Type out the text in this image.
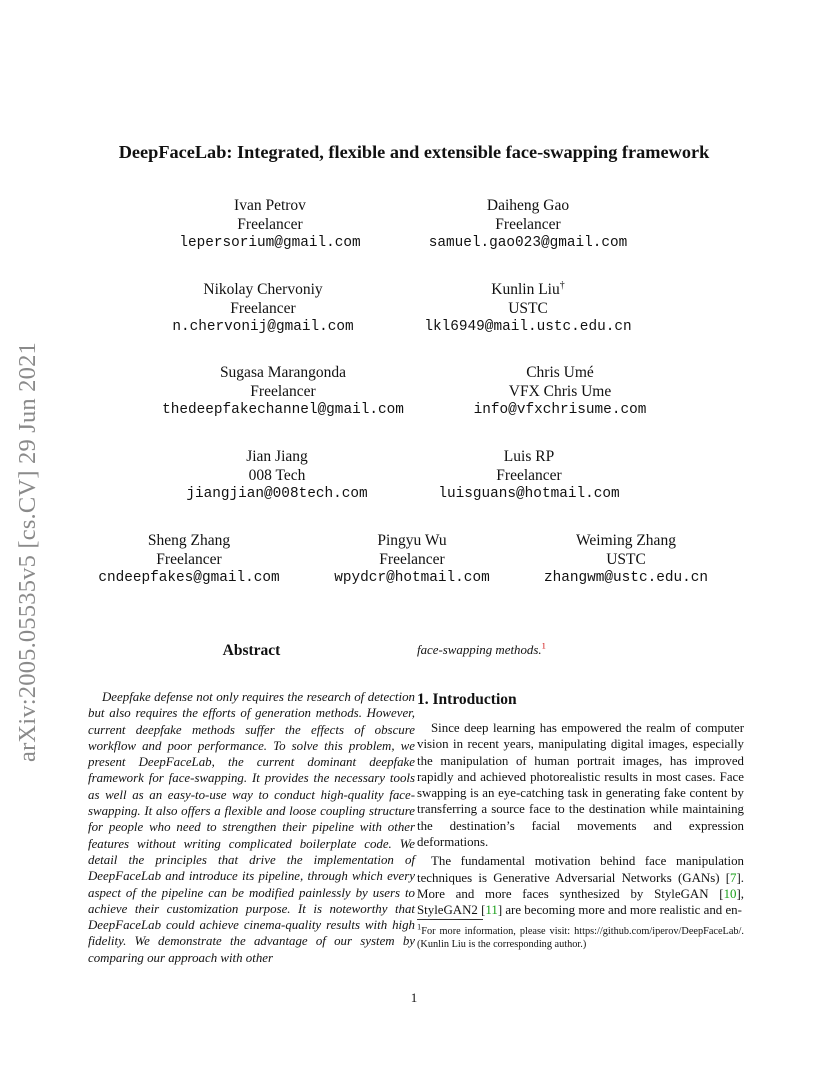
arXiv:2005.05535v5 [cs.CV] 29 Jun 2021
DeepFaceLab: Integrated, flexible and extensible face-swapping framework
Ivan Petrov
Freelancer
lepersorium@gmail.com
Daiheng Gao
Freelancer
samuel.gao023@gmail.com
Nikolay Chervoniy
Freelancer
n.chervonij@gmail.com
Kunlin Liu†
USTC
lkl6949@mail.ustc.edu.cn
Sugasa Marangonda
Freelancer
thedeepfakechannel@gmail.com
Chris Umé
VFX Chris Ume
info@vfxchrisume.com
Jian Jiang
008 Tech
jiangjian@008tech.com
Luis RP
Freelancer
luisguans@hotmail.com
Sheng Zhang
Freelancer
cndeepfakes@gmail.com
Pingyu Wu
Freelancer
wpydcr@hotmail.com
Weiming Zhang
USTC
zhangwm@ustc.edu.cn
Abstract
Deepfake defense not only requires the research of detection but also requires the efforts of generation methods. However, current deepfake methods suffer the effects of obscure workflow and poor performance. To solve this problem, we present DeepFaceLab, the current dominant deepfake framework for face-swapping. It provides the necessary tools as well as an easy-to-use way to conduct high-quality face-swapping. It also offers a flexible and loose coupling structure for people who need to strengthen their pipeline with other features without writing complicated boilerplate code. We detail the principles that drive the implementation of DeepFaceLab and introduce its pipeline, through which every aspect of the pipeline can be modified painlessly by users to achieve their customization purpose. It is noteworthy that DeepFaceLab could achieve cinema-quality results with high fidelity. We demonstrate the advantage of our system by comparing our approach with other
face-swapping methods.$^1$
1. Introduction

Since deep learning has empowered the realm of computer vision in recent years, manipulating digital images, especially the manipulation of human portrait images, has improved rapidly and achieved photorealistic results in most cases. Face swapping is an eye-catching task in generating fake content by transferring a source face to the destination while maintaining the destination’s facial movements and expression deformations.

The fundamental motivation behind face manipulation techniques is Generative Adversarial Networks (GANs) [7]. More and more faces synthesized by StyleGAN [10], StyleGAN2 [11] are becoming more and more realistic and en-

$^1$For more information, please visit: https://github.com/iperov/DeepFaceLab/. (Kunlin Liu is the corresponding author.)
1
